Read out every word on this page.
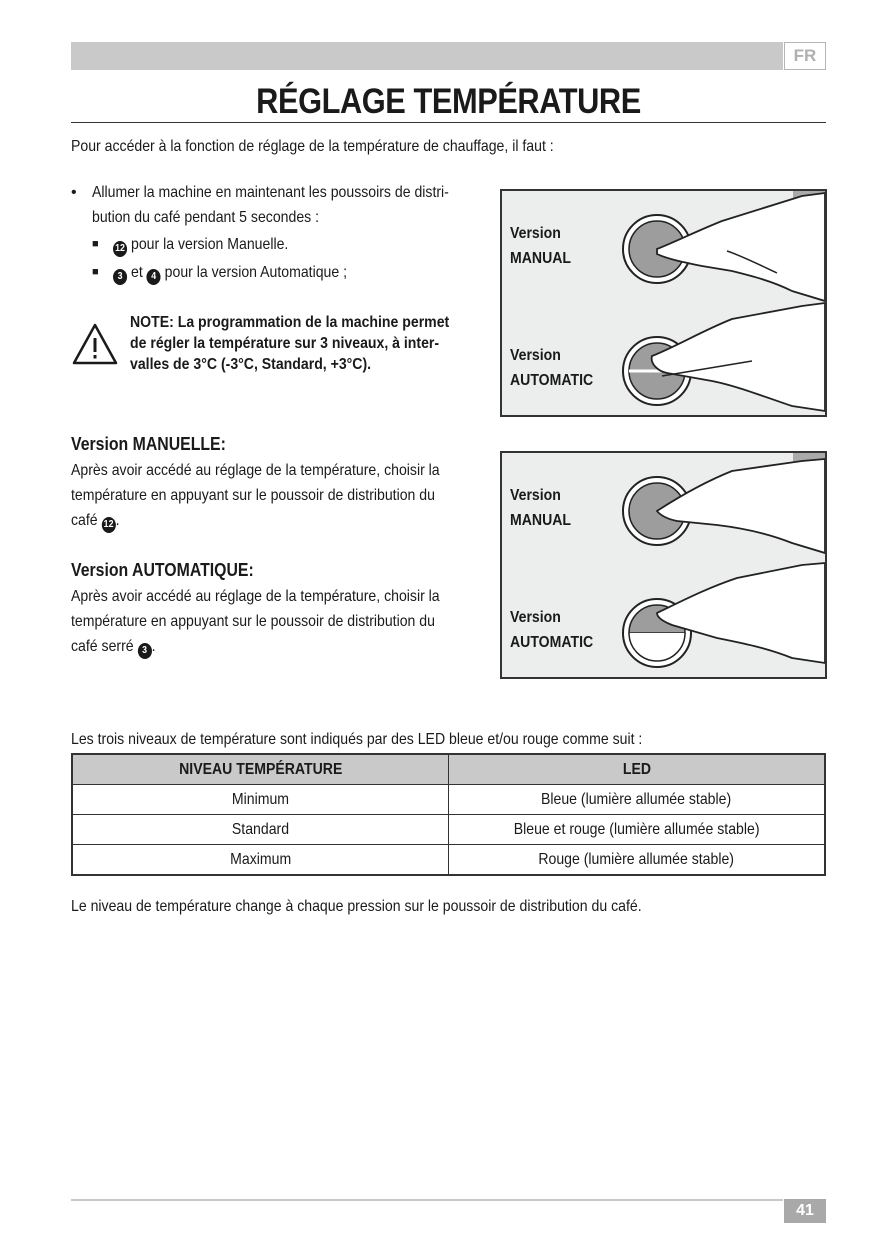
FR
RÉGLAGE TEMPÉRATURE
Pour accéder à la fonction de réglage de la température de chauffage, il faut :
• Allumer la machine en maintenant les poussoirs de distri-
bution du café pendant 5 secondes :
■ 12 pour la version Manuelle.
■	3 et 4 pour la version Automatique ;
NOTE: La programmation de la machine permet
de régler la température sur 3 niveaux, à inter-
valles de 3°C (-3°C, Standard, +3°C).
Version MANUELLE:
Après avoir accédé au réglage de la température, choisir la
température en appuyant sur le poussoir de distribution du
café 12 .
Version AUTOMATIQUE:
Après avoir accédé au réglage de la température, choisir la
température en appuyant sur le poussoir de distribution du
café serré 3 .
Version
MANUAL
Version
AUTOMATIC
Version
MANUAL
Version
AUTOMATIC
Les trois niveaux de température sont indiqués par des LED bleue et/ou rouge comme suit :
NIVEAU TEMPÉRATURE	LED
Minimum	Bleue (lumière allumée stable)
Standard	Bleue et rouge (lumière allumée stable)
Maximum	Rouge (lumière allumée stable)
Le niveau de température change à chaque pression sur le poussoir de distribution du café.
41
